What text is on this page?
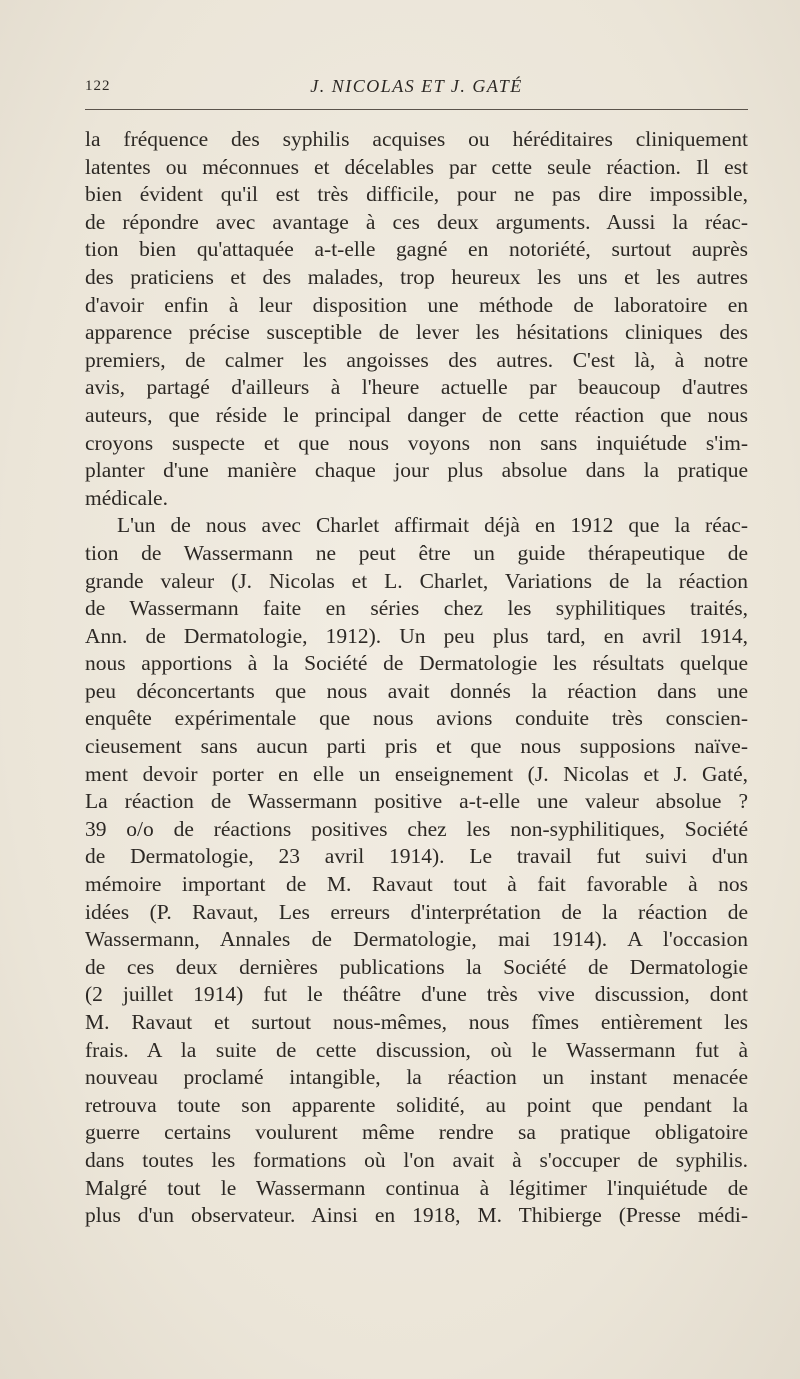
122	J. NICOLAS ET J. GATÉ
la fréquence des syphilis acquises ou héréditaires cliniquement
latentes ou méconnues et décelables par cette seule réaction. Il est
bien évident qu'il est très difficile, pour ne pas dire impossible,
de répondre avec avantage à ces deux arguments. Aussi la réac-
tion bien qu'attaquée a-t-elle gagné en notoriété, surtout auprès
des praticiens et des malades, trop heureux les uns et les autres
d'avoir enfin à leur disposition une méthode de laboratoire en
apparence précise susceptible de lever les hésitations cliniques des
premiers, de calmer les angoisses des autres. C'est là, à notre
avis, partagé d'ailleurs à l'heure actuelle par beaucoup d'autres
auteurs, que réside le principal danger de cette réaction que nous
croyons suspecte et que nous voyons non sans inquiétude s'im-
planter d'une manière chaque jour plus absolue dans la pratique
médicale.
L'un de nous avec Charlet affirmait déjà en 1912 que la réac-
tion de Wassermann ne peut être un guide thérapeutique de
grande valeur (J. Nicolas et L. Charlet, Variations de la réaction
de Wassermann faite en séries chez les syphilitiques traités,
Ann. de Dermatologie, 1912). Un peu plus tard, en avril 1914,
nous apportions à la Société de Dermatologie les résultats quelque
peu déconcertants que nous avait donnés la réaction dans une
enquête expérimentale que nous avions conduite très conscien-
cieusement sans aucun parti pris et que nous supposions naïve-
ment devoir porter en elle un enseignement (J. Nicolas et J. Gaté,
La réaction de Wassermann positive a-t-elle une valeur absolue ?
39 o/o de réactions positives chez les non-syphilitiques, Société
de Dermatologie, 23 avril 1914). Le travail fut suivi d'un
mémoire important de M. Ravaut tout à fait favorable à nos
idées (P. Ravaut, Les erreurs d'interprétation de la réaction de
Wassermann, Annales de Dermatologie, mai 1914). A l'occasion
de ces deux dernières publications la Société de Dermatologie
(2 juillet 1914) fut le théâtre d'une très vive discussion, dont
M. Ravaut et surtout nous-mêmes, nous fîmes entièrement les
frais. A la suite de cette discussion, où le Wassermann fut à
nouveau proclamé intangible, la réaction un instant menacée
retrouva toute son apparente solidité, au point que pendant la
guerre certains voulurent même rendre sa pratique obligatoire
dans toutes les formations où l'on avait à s'occuper de syphilis.
Malgré tout le Wassermann continua à légitimer l'inquiétude de
plus d'un observateur. Ainsi en 1918, M. Thibierge (Presse médi-
